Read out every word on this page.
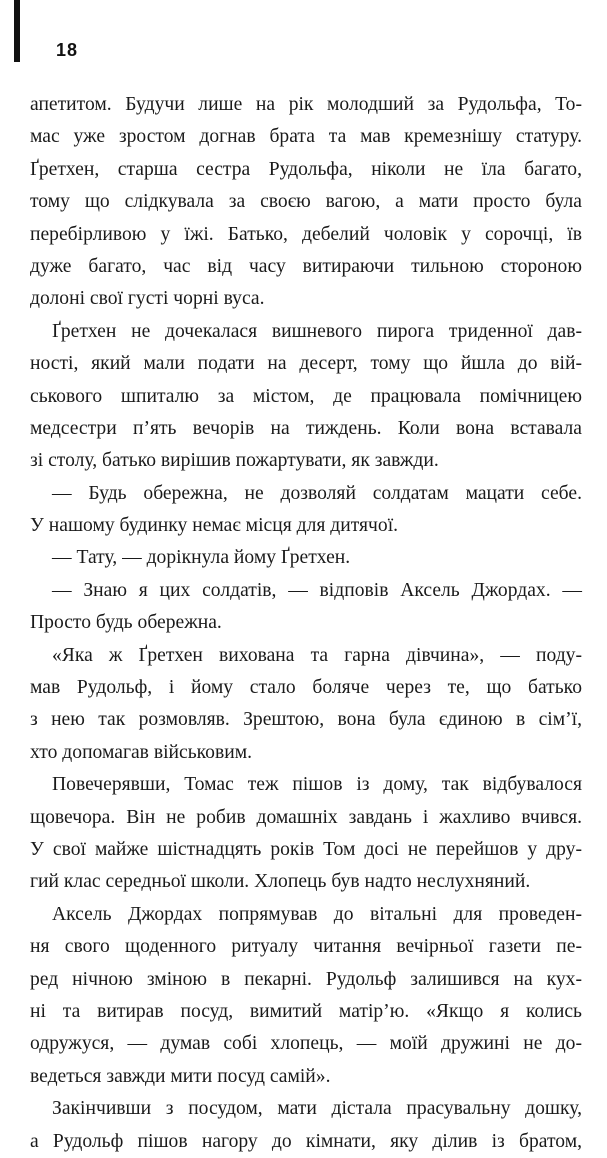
18
апетитом. Будучи лише на рік молодший за Рудольфа, То-
мас уже зростом догнав брата та мав кремезнішу статуру.
Ґретхен, старша сестра Рудольфа, ніколи не їла багато,
тому що слідкувала за своєю вагою, а мати просто була
перебірливою у їжі. Батько, дебелий чоловік у сорочці, їв
дуже багато, час від часу витираючи тильною стороною
долоні свої густі чорні вуса.
Ґретхен не дочекалася вишневого пирога триденної дав-
ності, який мали подати на десерт, тому що йшла до вій-
ськового шпиталю за містом, де працювала помічницею
медсестри п’ять вечорів на тиждень. Коли вона вставала
зі столу, батько вирішив пожартувати, як завжди.
— Будь обережна, не дозволяй солдатам мацати себе.
У нашому будинку немає місця для дитячої.
— Тату, — дорікнула йому Ґретхен.
— Знаю я цих солдатів, — відповів Аксель Джордах. —
Просто будь обережна.
«Яка ж Ґретхен вихована та гарна дівчина», — поду-
мав Рудольф, і йому стало боляче через те, що батько
з нею так розмовляв. Зрештою, вона була єдиною в сім’ї,
хто допомагав військовим.
Повечерявши, Томас теж пішов із дому, так відбувалося
щовечора. Він не робив домашніх завдань і жахливо вчився.
У свої майже шістнадцять років Том досі не перейшов у дру-
гий клас середньої школи. Хлопець був надто неслухняний.
Аксель Джордах попрямував до вітальні для проведен-
ня свого щоденного ритуалу читання вечірньої газети пе-
ред нічною зміною в пекарні. Рудольф залишився на кух-
ні та витирав посуд, вимитий матір’ю. «Якщо я колись
одружуся, — думав собі хлопець, — моїй дружині не до-
ведеться завжди мити посуд самій».
Закінчивши з посудом, мати дістала прасувальну дошку,
а Рудольф пішов нагору до кімнати, яку ділив із братом,
